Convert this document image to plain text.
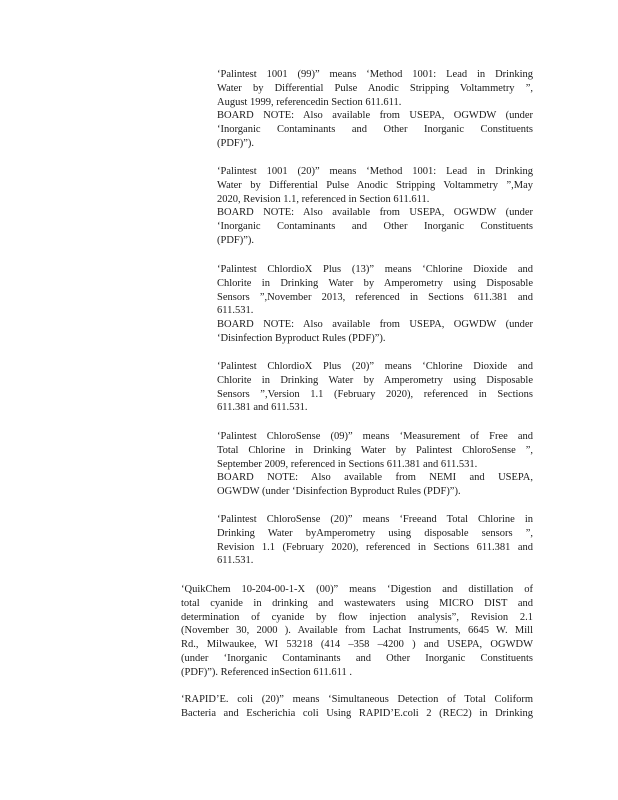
‘Palintest 1001 (99)” means ‘Method 1001: Lead in Drinking
Water by Differential Pulse Anodic Stripping Voltammetry ”,
August 1999, referencedin Section 611.611.
BOARD NOTE: Also available from USEPA, OGWDW (under
‘Inorganic Contaminants and Other Inorganic Constituents
(PDF)”).
‘Palintest 1001 (20)” means ‘Method 1001: Lead in Drinking
Water by Differential Pulse Anodic Stripping Voltammetry ”,May
2020, Revision 1.1, referenced in Section 611.611.
BOARD NOTE: Also available from USEPA, OGWDW (under
‘Inorganic Contaminants and Other Inorganic Constituents
(PDF)”).
‘Palintest ChlordioX Plus (13)” means ‘Chlorine Dioxide and
Chlorite in Drinking Water by Amperometry using Disposable
Sensors ”,November 2013, referenced in Sections 611.381 and
611.531.
BOARD NOTE: Also available from USEPA, OGWDW (under
‘Disinfection Byproduct Rules (PDF)”).
‘Palintest ChlordioX Plus (20)” means ‘Chlorine Dioxide and
Chlorite in Drinking Water by Amperometry using Disposable
Sensors ”,Version 1.1 (February 2020), referenced in Sections
611.381 and 611.531.
‘Palintest ChloroSense (09)” means ‘Measurement of Free and
Total Chlorine in Drinking Water by Palintest ChloroSense ”,
September 2009, referenced in Sections 611.381 and 611.531.
BOARD NOTE: Also available from NEMI and USEPA,
OGWDW (under ‘Disinfection Byproduct Rules (PDF)”).
‘Palintest ChloroSense (20)” means ‘Freeand Total Chlorine in
Drinking Water byAmperometry using disposable sensors ”,
Revision 1.1 (February 2020), referenced in Sections 611.381 and
611.531.
‘QuikChem 10-204-00-1-X (00)” means ‘Digestion and distillation of
total cyanide in drinking and wastewaters using MICRO DIST and
determination of cyanide by flow injection analysis”, Revision 2.1
(November 30, 2000 ). Available from Lachat Instruments, 6645 W. Mill
Rd., Milwaukee, WI 53218 (414 –358 –4200 ) and USEPA, OGWDW
(under ‘Inorganic Contaminants and Other Inorganic Constituents
(PDF)”). Referenced inSection 611.611 .
‘RAPID’E. coli (20)” means ‘Simultaneous Detection of Total Coliform
Bacteria and Escherichia coli Using RAPID’E.coli 2 (REC2) in Drinking
